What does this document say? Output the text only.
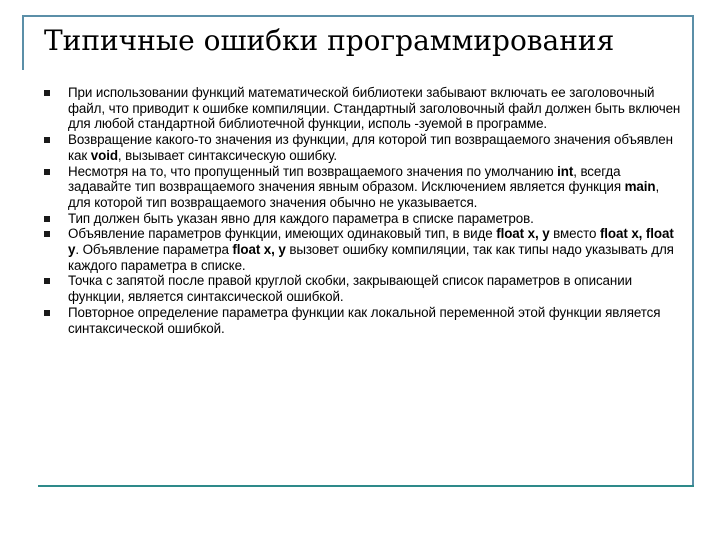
Типичные ошибки программирования
При использовании функций математической библиотеки забывают включать ее заголовочный файл, что приводит к ошибке компиляции. Стандартный заголовочный файл должен быть включен для любой стандартной библиотечной функции, исполь -зуемой в программе.
Возвращение какого-то значения из функции, для которой тип возвращаемого значения объявлен как void, вызывает синтаксическую ошибку.
Несмотря на то, что пропущенный тип возвращаемого значения по умолчанию int, всегда задавайте тип возвращаемого значения явным образом. Исключением является функция main, для которой тип возвращаемого значения обычно не указывается.
Тип должен быть указан явно для каждого параметра в списке параметров.
Объявление параметров функции, имеющих одинаковый тип, в виде float x, y вместо float x, float y. Объявление параметра float x, y вызовет ошибку компиляции, так как типы надо указывать для каждого параметра в списке.
Точка с запятой после правой круглой скобки, закрывающей список параметров в описании функции, является синтаксической ошибкой.
Повторное определение параметра функции как локальной переменной этой функции является синтаксической ошибкой.
